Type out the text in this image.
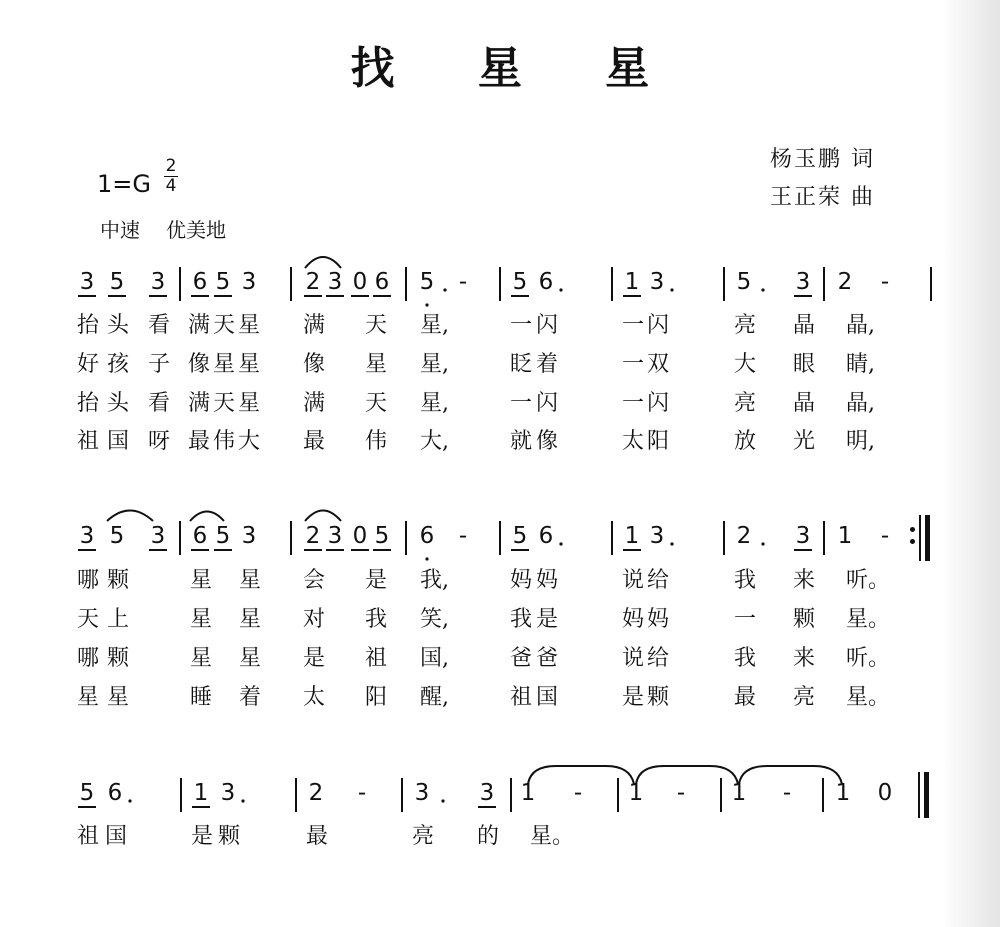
找 星 星
杨玉鹏 词
王正荣 曲
1=G
2
4
中速 优美地
3 5 3 6 5 3 2 3 0 6 5 - 5 6	1 3	5 3 2 -
抬 头 看 满 天 星 满 天 星,	一 闪	一 闪	亮 晶 晶,
好 孩 子 像 星 星 像 星 星,	眨 着	一 双	大 眼 睛,
抬 头 看 满 天 星 满 天 星,	一 闪	一 闪	亮 晶 晶,
祖 国 呀 最 伟 大 最 伟 大,	就 像	太 阳	放 光 明,
3 5 3 6 5 3 2 3 0 5 6 - 5 6	1 3	2 3 1 -
哪 颗	星 星 会 是 我,	妈 妈	说 给	我 来 听。
天 上	星 星 对 我 笑,	我 是	妈 妈	一 颗 星。
哪 颗	星 星 是 祖 国,	爸 爸	说 给	我 来 听。
星 星	睡 着 太 阳 醒,	祖 国	是 颗	最 亮 星。
5 6	1 3	2 - 3 3 1 - 1 - 1 - 1 0
祖 国	是 颗	最	亮 的 星。
